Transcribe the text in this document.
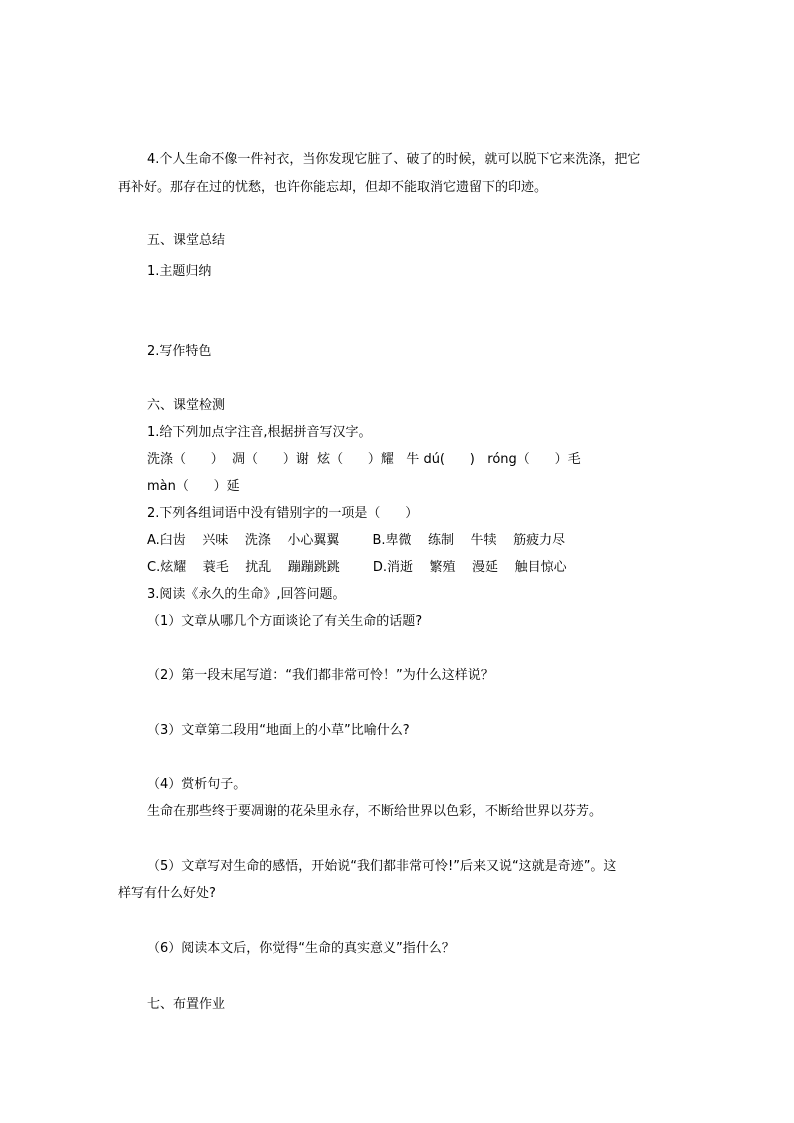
4.个人生命不像一件衬衣，当你发现它脏了、破了的时候，就可以脱下它来洗涤，把它
再补好。那存在过的忧愁，也许你能忘却，但却不能取消它遗留下的印迹。
五、课堂总结
1.主题归纳
2.写作特色
六、课堂检测
1.给下列加点字注音,根据拼音写汉字。
洗涤（      ）  凋（      ）谢  炫（      ）耀   牛 dú(      )   róng（      ）毛
màn（      ）延
2.下列各组词语中没有错别字的一项是（      ）
A.臼齿    兴味    洗涤    小心翼翼        B.卑微    练制    牛犊    筋疲力尽
C.炫耀    蓑毛    扰乱    蹦蹦跳跳        D.消逝    繁殖    漫延    触目惊心
3.阅读《永久的生命》,回答问题。
（1）文章从哪几个方面谈论了有关生命的话题?
（2）第一段末尾写道：“我们都非常可怜！”为什么这样说？
（3）文章第二段用“地面上的小草”比喻什么?
（4）赏析句子。
生命在那些终于要凋谢的花朵里永存，不断给世界以色彩，不断给世界以芬芳。
（5）文章写对生命的感悟，开始说“我们都非常可怜!”后来又说“这就是奇迹”。这
样写有什么好处?
（6）阅读本文后，你觉得“生命的真实意义”指什么？
七、布置作业
